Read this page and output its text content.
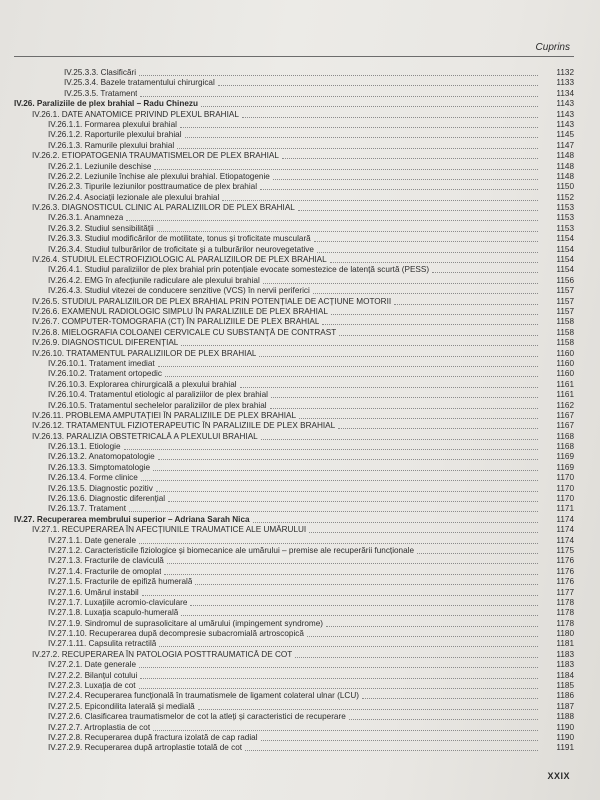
Cuprins
IV.25.3.3. Clasificări	1132
IV.25.3.4. Bazele tratamentului chirurgical	1133
IV.25.3.5. Tratament	1134
IV.26. Paraliziile de plex brahial – Radu Chinezu	1143
IV.26.1. DATE ANATOMICE PRIVIND PLEXUL BRAHIAL	1143
IV.26.1.1. Formarea plexului brahial	1143
IV.26.1.2. Raporturile plexului brahial	1145
IV.26.1.3. Ramurile plexului brahial	1147
IV.26.2. ETIOPATOGENIA TRAUMATISMELOR DE PLEX BRAHIAL	1148
IV.26.2.1. Leziunile deschise	1148
IV.26.2.2. Leziunile închise ale plexului brahial. Etiopatogenie	1148
IV.26.2.3. Tipurile leziunilor posttraumatice de plex brahial	1150
IV.26.2.4. Asociații lezionale ale plexului brahial	1152
IV.26.3. DIAGNOSTICUL CLINIC AL PARALIZIILOR DE PLEX BRAHIAL	1153
IV.26.3.1. Anamneza	1153
IV.26.3.2. Studiul sensibilității	1153
IV.26.3.3. Studiul modificărilor de motilitate, tonus și troficitate musculară	1154
IV.26.3.4. Studiul tulburărilor de troficitate și a tulburărilor neurovegetative	1154
IV.26.4. STUDIUL ELECTROFIZIOLOGIC AL PARALIZIILOR DE PLEX BRAHIAL	1154
IV.26.4.1. Studiul paraliziilor de plex brahial prin potențiale evocate somestezice de latență scurtă (PESS)	1154
IV.26.4.2. EMG în afecțiunile radiculare ale plexului brahial	1156
IV.26.4.3. Studiul vitezei de conducere senzitive (VCS) în nervii periferici	1157
IV.26.5. STUDIUL PARALIZIILOR DE PLEX BRAHIAL PRIN POTENȚIALE DE ACȚIUNE MOTORII	1157
IV.26.6. EXAMENUL RADIOLOGIC SIMPLU ÎN PARALIZIILE DE PLEX BRAHIAL	1157
IV.26.7. COMPUTER-TOMOGRAFIA (CT) ÎN PARALIZIILE DE PLEX BRAHIAL	1158
IV.26.8. MIELOGRAFIA COLOANEI CERVICALE CU SUBSTANȚĂ DE CONTRAST	1158
IV.26.9. DIAGNOSTICUL DIFERENȚIAL	1158
IV.26.10. TRATAMENTUL PARALIZIILOR DE PLEX BRAHIAL	1160
IV.26.10.1. Tratament imediat	1160
IV.26.10.2. Tratament ortopedic	1160
IV.26.10.3. Explorarea chirurgicală a plexului brahial	1161
IV.26.10.4. Tratamentul etiologic al paraliziilor de plex brahial	1161
IV.26.10.5. Tratamentul sechelelor paraliziilor de plex brahial	1162
IV.26.11. PROBLEMA AMPUTAȚIEI ÎN PARALIZIILE DE PLEX BRAHIAL	1167
IV.26.12. TRATAMENTUL FIZIOTERAPEUTIC ÎN PARALIZIILE DE PLEX BRAHIAL	1167
IV.26.13. PARALIZIA OBSTETRICALĂ A PLEXULUI BRAHIAL	1168
IV.26.13.1. Etiologie	1168
IV.26.13.2. Anatomopatologie	1169
IV.26.13.3. Simptomatologie	1169
IV.26.13.4. Forme clinice	1170
IV.26.13.5. Diagnostic pozitiv	1170
IV.26.13.6. Diagnostic diferențial	1170
IV.26.13.7. Tratament	1171
IV.27. Recuperarea membrului superior – Adriana Sarah Nica	1174
IV.27.1. RECUPERAREA ÎN AFECȚIUNILE TRAUMATICE ALE UMĂRULUI	1174
IV.27.1.1. Date generale	1174
IV.27.1.2. Caracteristicile fiziologice și biomecanice ale umărului – premise ale recuperării funcționale	1175
IV.27.1.3. Fracturile de claviculă	1176
IV.27.1.4. Fracturile de omoplat	1176
IV.27.1.5. Fracturile de epifiză humerală	1176
IV.27.1.6. Umărul instabil	1177
IV.27.1.7. Luxațiile acromio-claviculare	1178
IV.27.1.8. Luxația scapulo-humerală	1178
IV.27.1.9. Sindromul de suprasolicitare al umărului (impingement syndrome)	1178
IV.27.1.10. Recuperarea după decompresie subacromială artroscopică	1180
IV.27.1.11. Capsulita retractilă	1181
IV.27.2. RECUPERAREA ÎN PATOLOGIA POSTTRAUMATICĂ DE COT	1183
IV.27.2.1. Date generale	1183
IV.27.2.2. Bilanțul cotului	1184
IV.27.2.3. Luxația de cot	1185
IV.27.2.4. Recuperarea funcțională în traumatismele de ligament colateral ulnar (LCU)	1186
IV.27.2.5. Epicondilita laterală și medială	1187
IV.27.2.6. Clasificarea traumatismelor de cot la atleți și caracteristici de recuperare	1188
IV.27.2.7. Artroplastia de cot	1190
IV.27.2.8. Recuperarea după fractura izolată de cap radial	1190
IV.27.2.9. Recuperarea după artroplastie totală de cot	1191
XXIX
